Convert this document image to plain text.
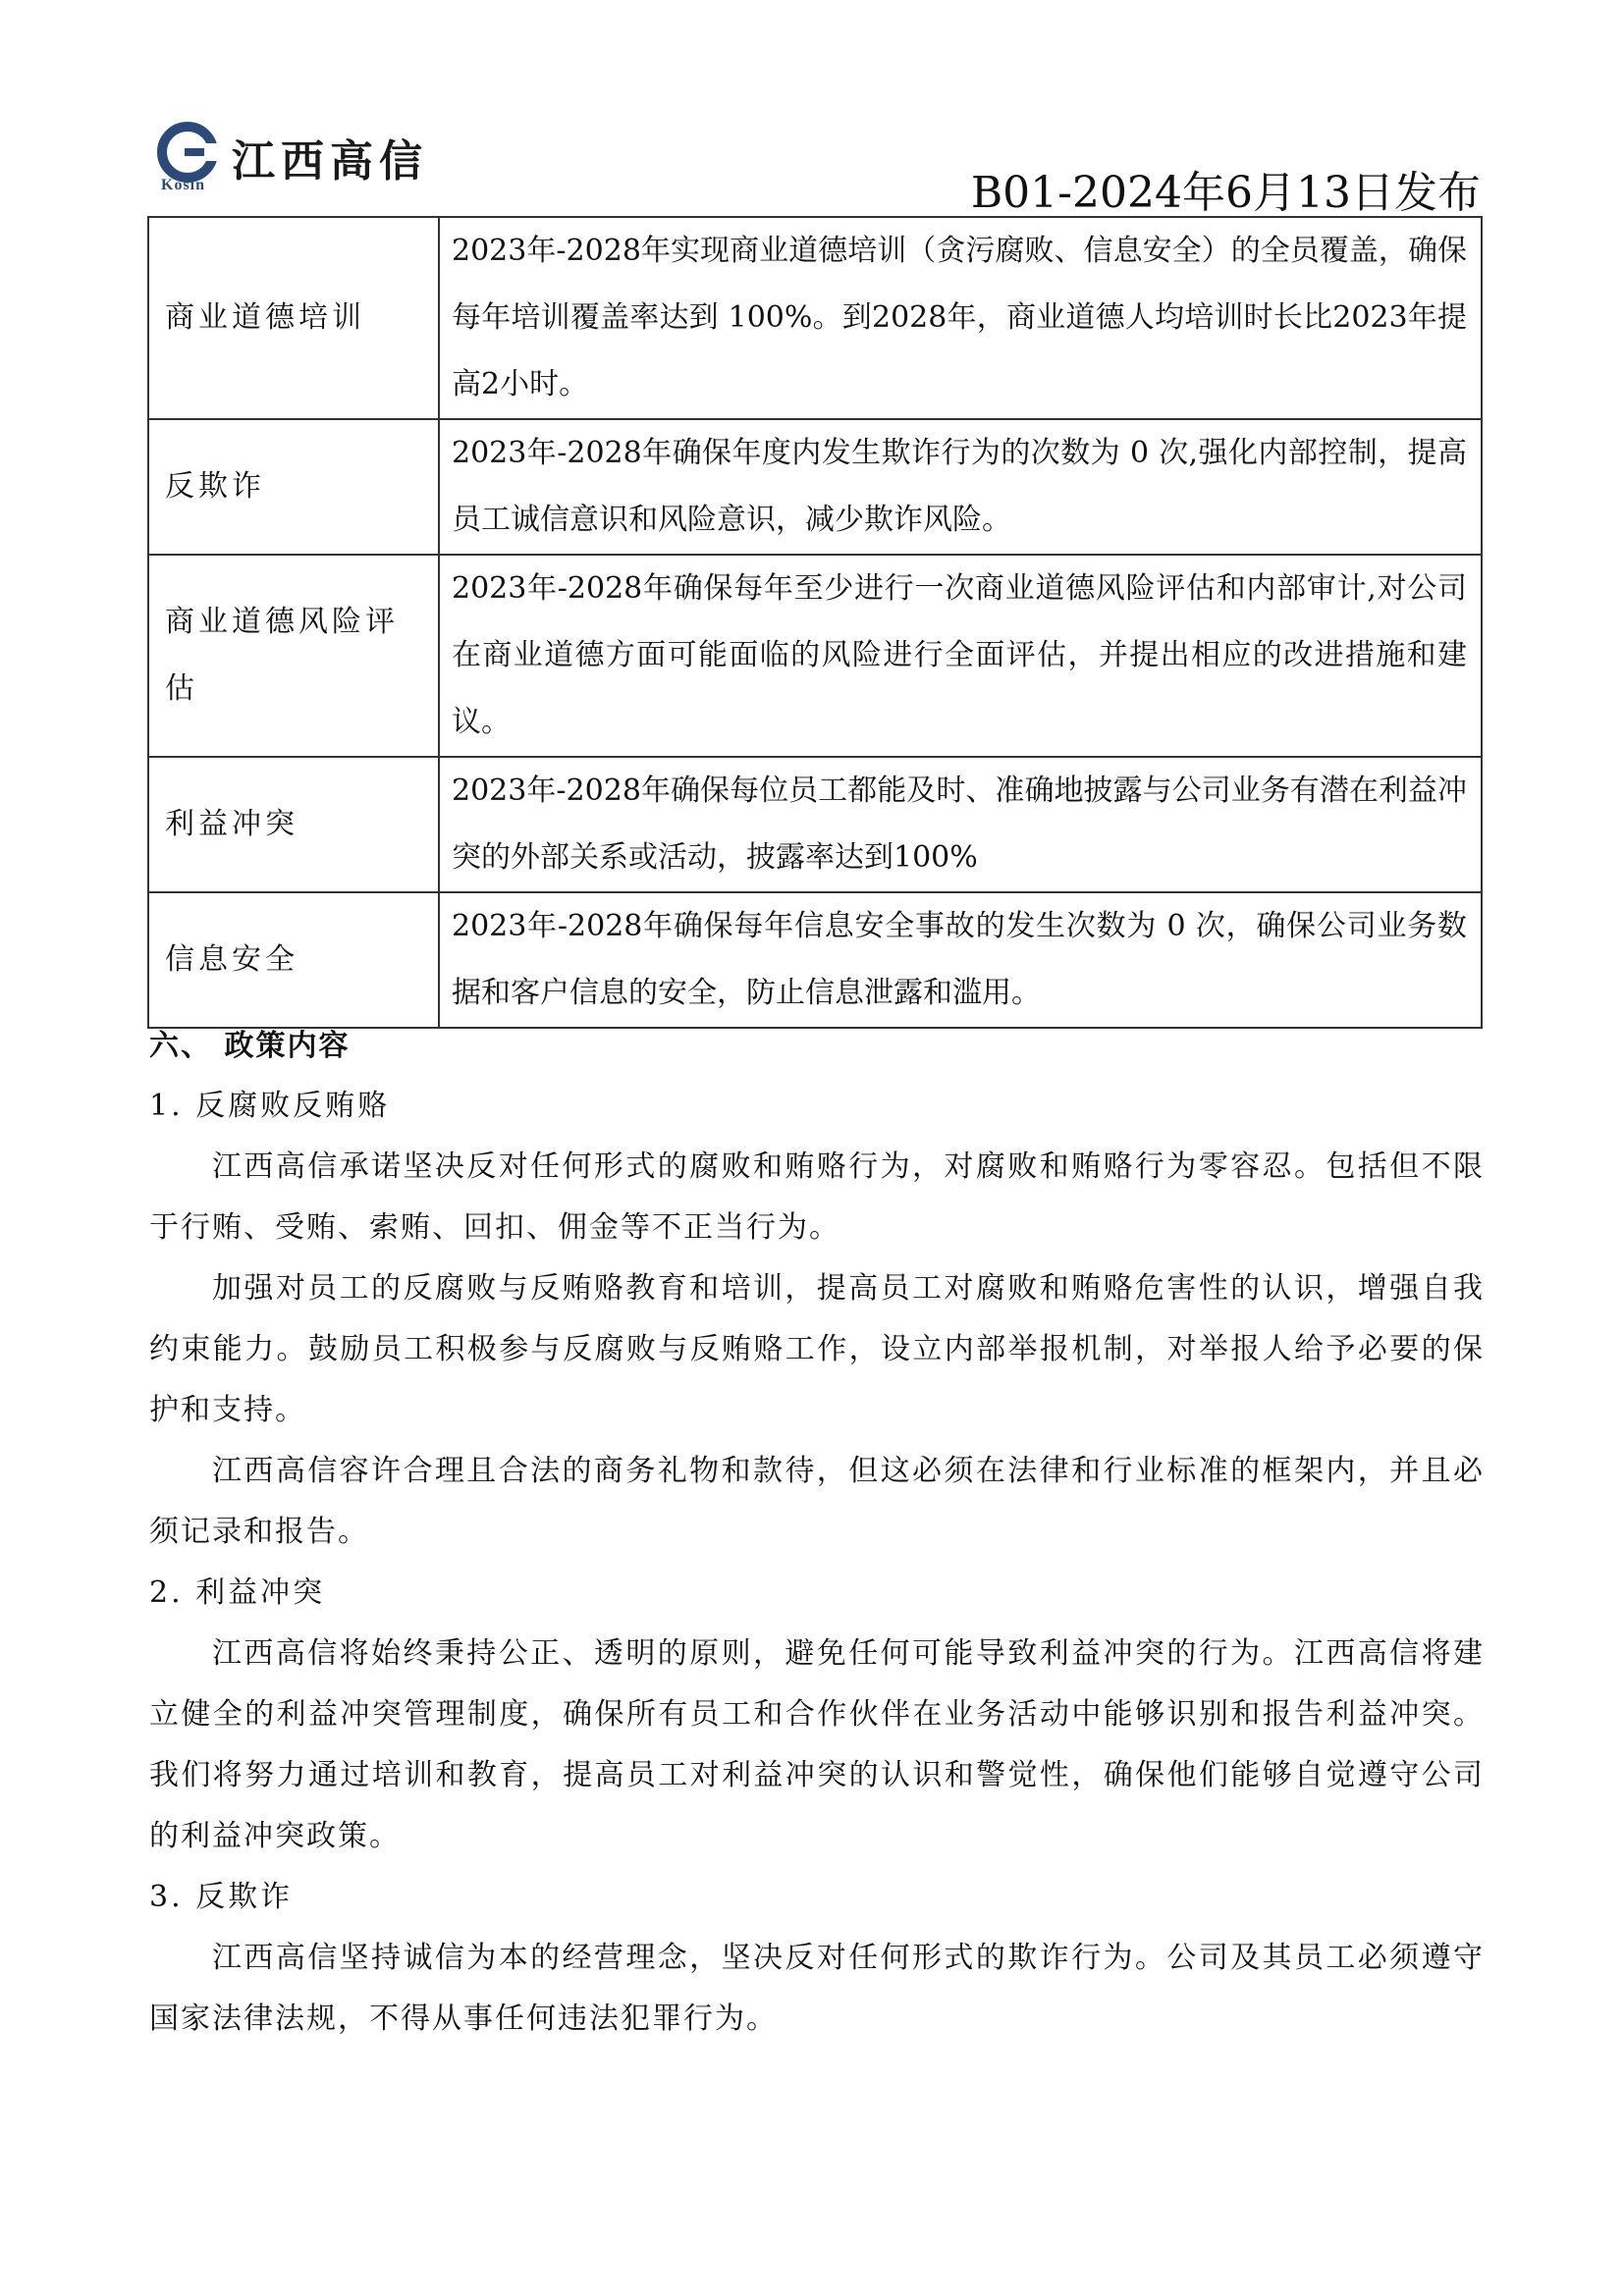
江西高信
Kosin	B01-2024年6月13日发布
商业道德培训	2023年-2028年实现商业道德培训（贪污腐败、信息安全）的全员覆盖，确保每年培训覆盖率达到 100%。到2028年，商业道德人均培训时长比2023年提高2小时。
反欺诈	2023年-2028年确保年度内发生欺诈行为的次数为 0 次,强化内部控制，提高员工诚信意识和风险意识，减少欺诈风险。
商业道德风险评估	2023年-2028年确保每年至少进行一次商业道德风险评估和内部审计,对公司在商业道德方面可能面临的风险进行全面评估，并提出相应的改进措施和建议。
利益冲突	2023年-2028年确保每位员工都能及时、准确地披露与公司业务有潜在利益冲突的外部关系或活动，披露率达到100%
信息安全	2023年-2028年确保每年信息安全事故的发生次数为 0 次，确保公司业务数据和客户信息的安全，防止信息泄露和滥用。
六、 政策内容
1. 反腐败反贿赂
江西高信承诺坚决反对任何形式的腐败和贿赂行为，对腐败和贿赂行为零容忍。包括但不限于行贿、受贿、索贿、回扣、佣金等不正当行为。
加强对员工的反腐败与反贿赂教育和培训，提高员工对腐败和贿赂危害性的认识，增强自我约束能力。鼓励员工积极参与反腐败与反贿赂工作，设立内部举报机制，对举报人给予必要的保护和支持。
江西高信容许合理且合法的商务礼物和款待，但这必须在法律和行业标准的框架内，并且必须记录和报告。
2. 利益冲突
江西高信将始终秉持公正、透明的原则，避免任何可能导致利益冲突的行为。江西高信将建立健全的利益冲突管理制度，确保所有员工和合作伙伴在业务活动中能够识别和报告利益冲突。我们将努力通过培训和教育，提高员工对利益冲突的认识和警觉性，确保他们能够自觉遵守公司的利益冲突政策。
3. 反欺诈
江西高信坚持诚信为本的经营理念，坚决反对任何形式的欺诈行为。公司及其员工必须遵守国家法律法规，不得从事任何违法犯罪行为。
